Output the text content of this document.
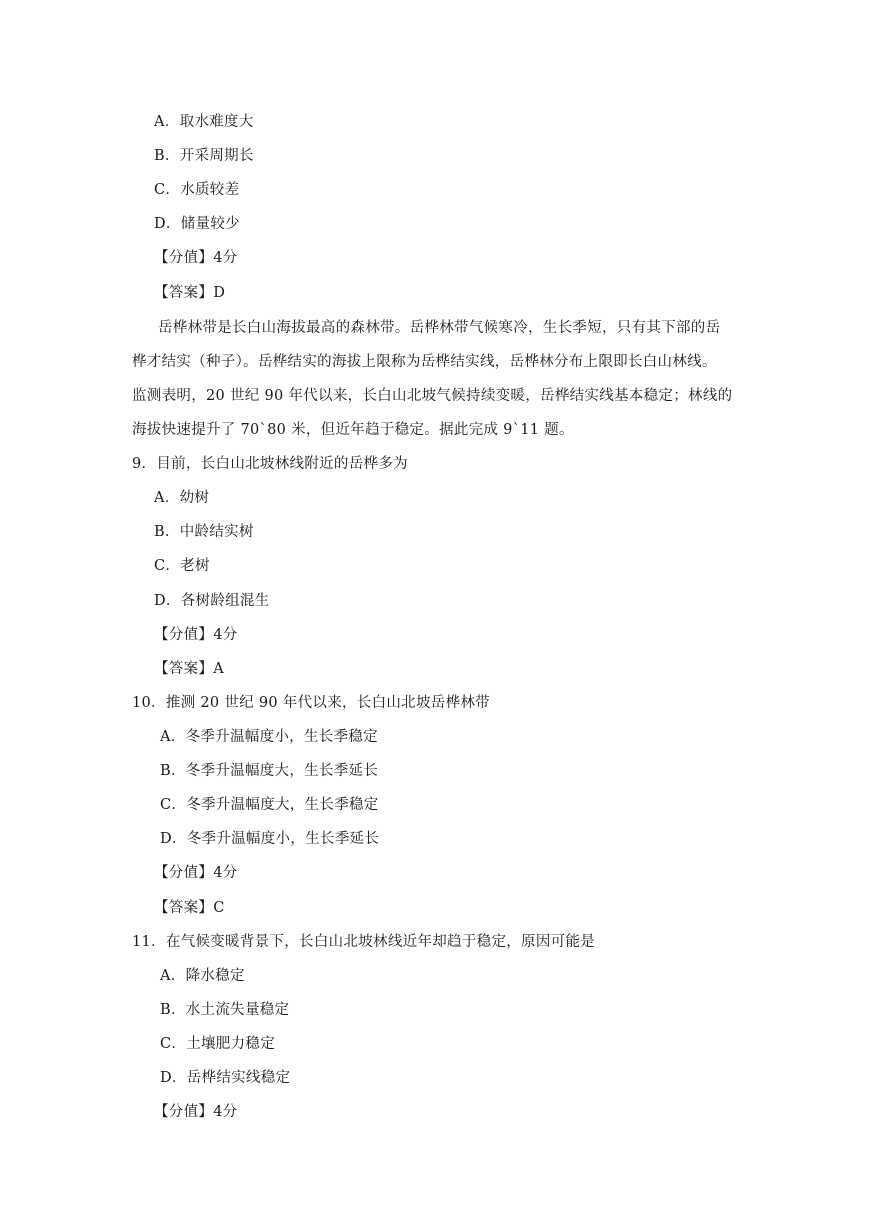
A．取水难度大
B．开采周期长
C．水质较差
D．储量较少
【分值】4分
【答案】D
岳桦林带是长白山海拔最高的森林带。岳桦林带气候寒冷，生长季短，只有其下部的岳
桦才结实（种子）。岳桦结实的海拔上限称为岳桦结实线，岳桦林分布上限即长白山林线。
监测表明，20 世纪 90 年代以来，长白山北坡气候持续变暖，岳桦结实线基本稳定；林线的
海拔快速提升了 70`80 米，但近年趋于稳定。据此完成 9`11 题。
9．目前，长白山北坡林线附近的岳桦多为
A．幼树
B．中龄结实树
C．老树
D．各树龄组混生
【分值】4分
【答案】A
10．推测 20 世纪 90 年代以来，长白山北坡岳桦林带
A．冬季升温幅度小，生长季稳定
B．冬季升温幅度大，生长季延长
C．冬季升温幅度大，生长季稳定
D．冬季升温幅度小，生长季延长
【分值】4分
【答案】C
11．在气候变暖背景下，长白山北坡林线近年却趋于稳定，原因可能是
A．降水稳定
B．水土流失量稳定
C．土壤肥力稳定
D．岳桦结实线稳定
【分值】4分
